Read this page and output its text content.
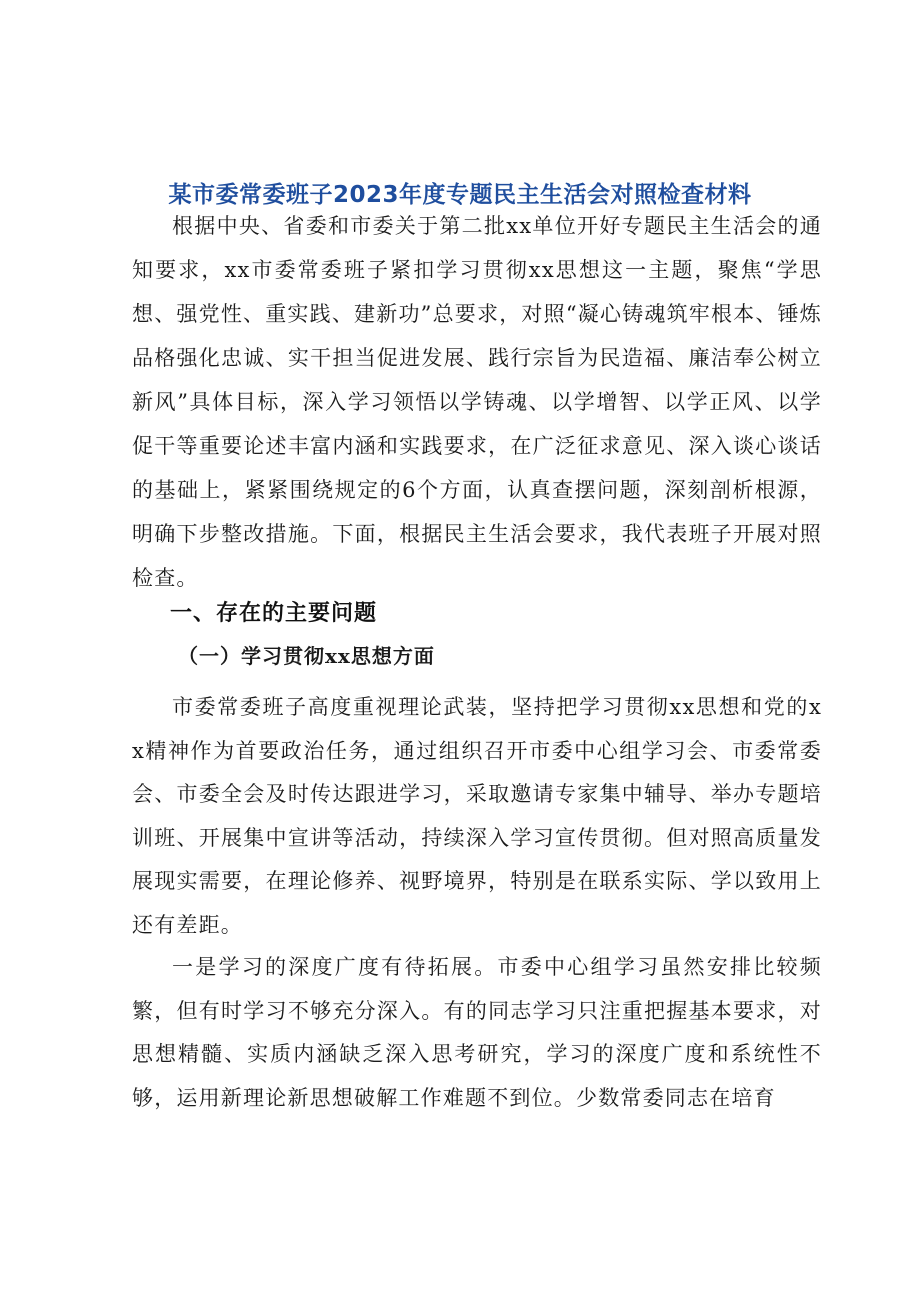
某市委常委班子2023年度专题民主生活会对照检查材料

根据中央、省委和市委关于第二批xx单位开好专题民主生活会的通知要求，xx市委常委班子紧扣学习贯彻xx思想这一主题，聚焦“学思想、强党性、重实践、建新功”总要求，对照“凝心铸魂筑牢根本、锤炼品格强化忠诚、实干担当促进发展、践行宗旨为民造福、廉洁奉公树立新风”具体目标，深入学习领悟以学铸魂、以学增智、以学正风、以学促干等重要论述丰富内涵和实践要求，在广泛征求意见、深入谈心谈话的基础上，紧紧围绕规定的6个方面，认真查摆问题，深刻剖析根源，明确下步整改措施。下面，根据民主生活会要求，我代表班子开展对照检查。

一、存在的主要问题
（一）学习贯彻xx思想方面

市委常委班子高度重视理论武装，坚持把学习贯彻xx思想和党的xx精神作为首要政治任务，通过组织召开市委中心组学习会、市委常委会、市委全会及时传达跟进学习，采取邀请专家集中辅导、举办专题培训班、开展集中宣讲等活动，持续深入学习宣传贯彻。但对照高质量发展现实需要，在理论修养、视野境界，特别是在联系实际、学以致用上还有差距。

一是学习的深度广度有待拓展。市委中心组学习虽然安排比较频繁，但有时学习不够充分深入。有的同志学习只注重把握基本要求，对思想精髓、实质内涵缺乏深入思考研究，学习的深度广度和系统性不够，运用新理论新思想破解工作难题不到位。少数常委同志在培育
